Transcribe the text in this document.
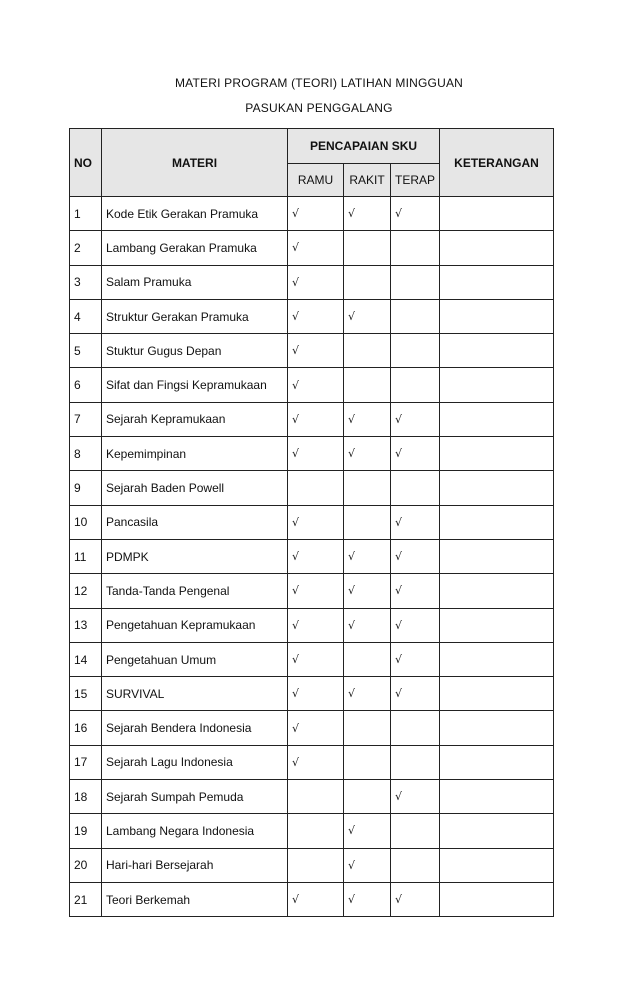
MATERI PROGRAM (TEORI) LATIHAN MINGGUAN
PASUKAN PENGGALANG
NO	MATERI	PENCAPAIAN SKU			KETERANGAN
		RAMU	RAKIT	TERAP	
1	Kode Etik Gerakan Pramuka	√	√	√	
2	Lambang Gerakan Pramuka	√			
3	Salam Pramuka	√			
4	Struktur Gerakan Pramuka	√	√		
5	Stuktur Gugus Depan	√			
6	Sifat dan Fingsi Kepramukaan	√			
7	Sejarah Kepramukaan	√	√	√	
8	Kepemimpinan	√	√	√	
9	Sejarah Baden Powell				
10	Pancasila	√		√	
11	PDMPK	√	√	√	
12	Tanda-Tanda Pengenal	√	√	√	
13	Pengetahuan Kepramukaan	√	√	√	
14	Pengetahuan Umum	√		√	
15	SURVIVAL	√	√	√	
16	Sejarah Bendera Indonesia	√			
17	Sejarah Lagu Indonesia	√			
18	Sejarah Sumpah Pemuda			√	
19	Lambang Negara Indonesia		√		
20	Hari-hari Bersejarah		√		
21	Teori Berkemah	√	√	√	
